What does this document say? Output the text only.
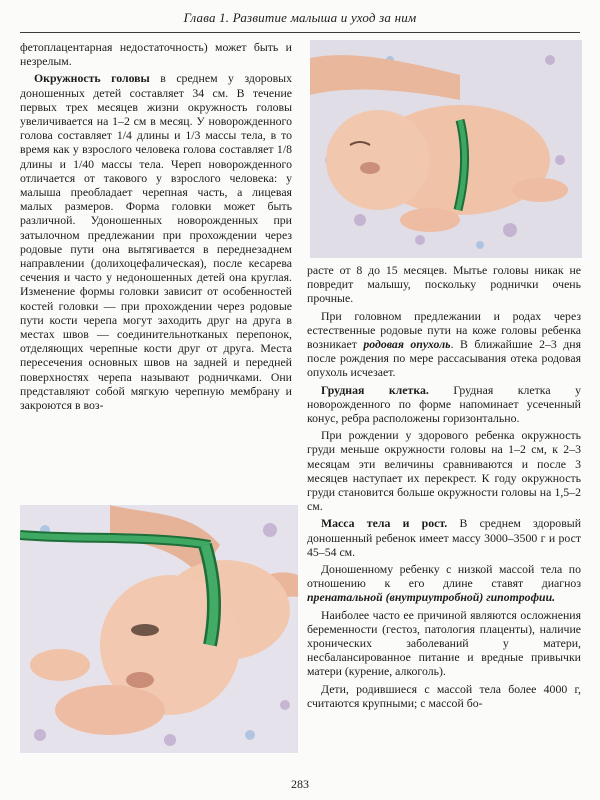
Глава 1. Развитие малыша и уход за ним

фетоплацентарная недостаточность) может быть и незрелым.

Окружность головы в среднем у здоровых доношенных детей составляет 34 см. В течение первых трех месяцев жизни окружность головы увеличивается на 1–2 см в месяц. У новорожденного голова составляет 1/4 длины и 1/3 массы тела, в то время как у взрослого человека голова составляет 1/8 длины и 1/40 массы тела. Череп новорожденного отличается от такового у взрослого человека: у малыша преобладает черепная часть, а лицевая малых размеров. Форма головки может быть различной. Удоношенных новорожденных при затылочном предлежании при прохождении через родовые пути она вытягивается в переднезаднем направлении (долихоцефалическая), после кесарева сечения и часто у недоношенных детей она круглая. Изменение формы головки зависит от особенностей костей головки — при прохождении через родовые пути кости черепа могут заходить друг на друга в местах швов — соединительнотканых перепонок, отделяющих черепные кости друг от друга. Места пересечения основных швов на задней и передней поверхностях черепа называют родничками. Они представляют собой мягкую черепную мембрану и закроются в воз-

расте от 8 до 15 месяцев. Мытье головы никак не повредит малышу, поскольку роднички очень прочные.

При головном предлежании и родах через естественные родовые пути на коже головы ребенка возникает родовая опухоль. В ближайшие 2–3 дня после рождения по мере рассасывания отека родовая опухоль исчезает.

Грудная клетка. Грудная клетка у новорожденного по форме напоминает усеченный конус, ребра расположены горизонтально.

При рождении у здорового ребенка окружность груди меньше окружности головы на 1–2 см, к 2–3 месяцам эти величины сравниваются и после 3 месяцев наступает их перекрест. К году окружность груди становится больше окружности головы на 1,5–2 см.

Масса тела и рост. В среднем здоровый доношенный ребенок имеет массу 3000–3500 г и рост 45–54 см.

Доношенному ребенку с низкой массой тела по отношению к его длине ставят диагноз пренатальной (внутриутробной) гипотрофии.

Наиболее часто ее причиной являются осложнения беременности (гестоз, патология плаценты), наличие хронических заболеваний у матери, несбалансированное питание и вредные привычки матери (курение, алкоголь).

Дети, родившиеся с массой тела более 4000 г, считаются крупными; с массой бо-

283
